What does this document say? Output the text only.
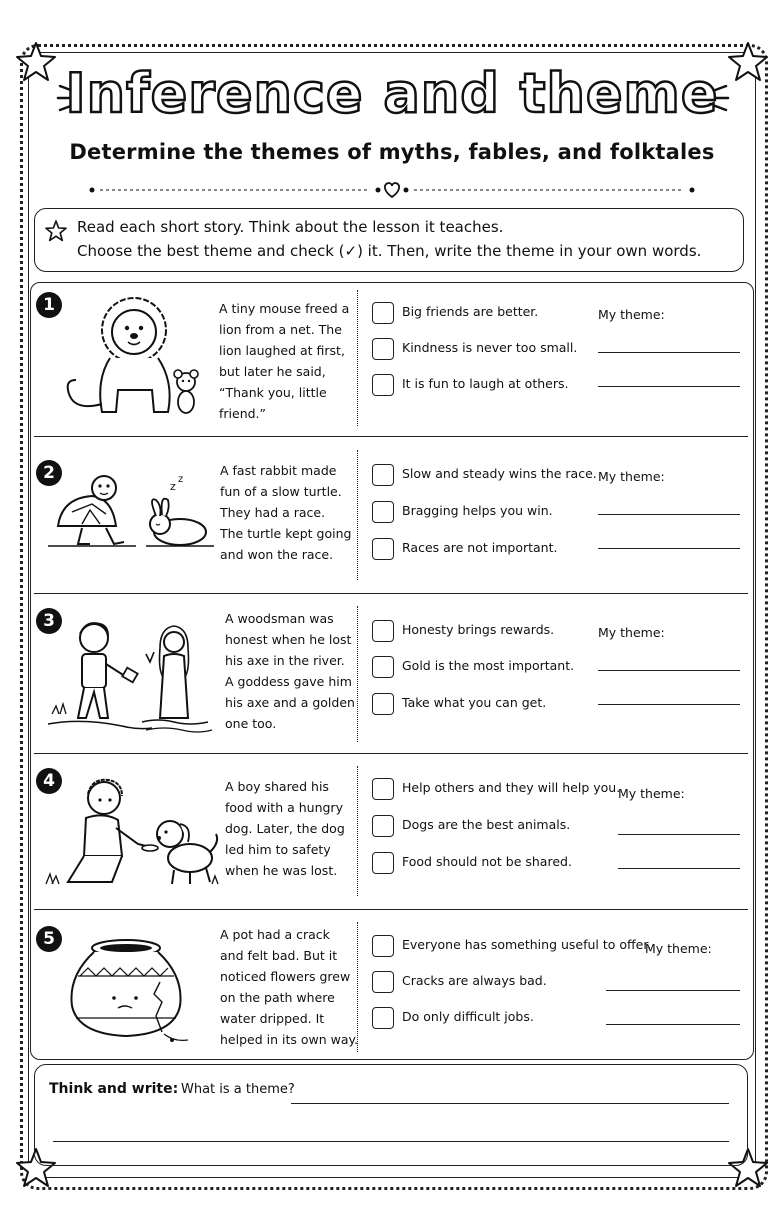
Inference and theme
Determine the themes of myths, fables, and folktales
Read each short story. Think about the lesson it teaches.
Choose the best theme and check (✓) it. Then, write the theme in your own words.
1	A tiny mouse freed a
lion from a net. The
lion laughed at first,
but later he said,
“Thank you, little
friend.”
Big friends are better.
Kindness is never too small.
It is fun to laugh at others.
My theme:
2
z
z
A fast rabbit made
fun of a slow turtle.
They had a race.
The turtle kept going
and won the race.
Slow and steady wins the race.
Bragging helps you win.
Races are not important.
My theme:
3	A woodsman was
honest when he lost
his axe in the river.
A goddess gave him
his axe and a golden
one too.
Honesty brings rewards.
Gold is the most important.
Take what you can get.
My theme:
4	A boy shared his
food with a hungry
dog. Later, the dog
led him to safety
when he was lost.
Help others and they will help you.
Dogs are the best animals.
Food should not be shared.
My theme:
5	A pot had a crack
and felt bad. But it
noticed flowers grew
on the path where
water dripped. It
helped in its own way.
Everyone has something useful to offer.
Cracks are always bad.
Do only difficult jobs.
My theme:
Think and write: What is a theme?
